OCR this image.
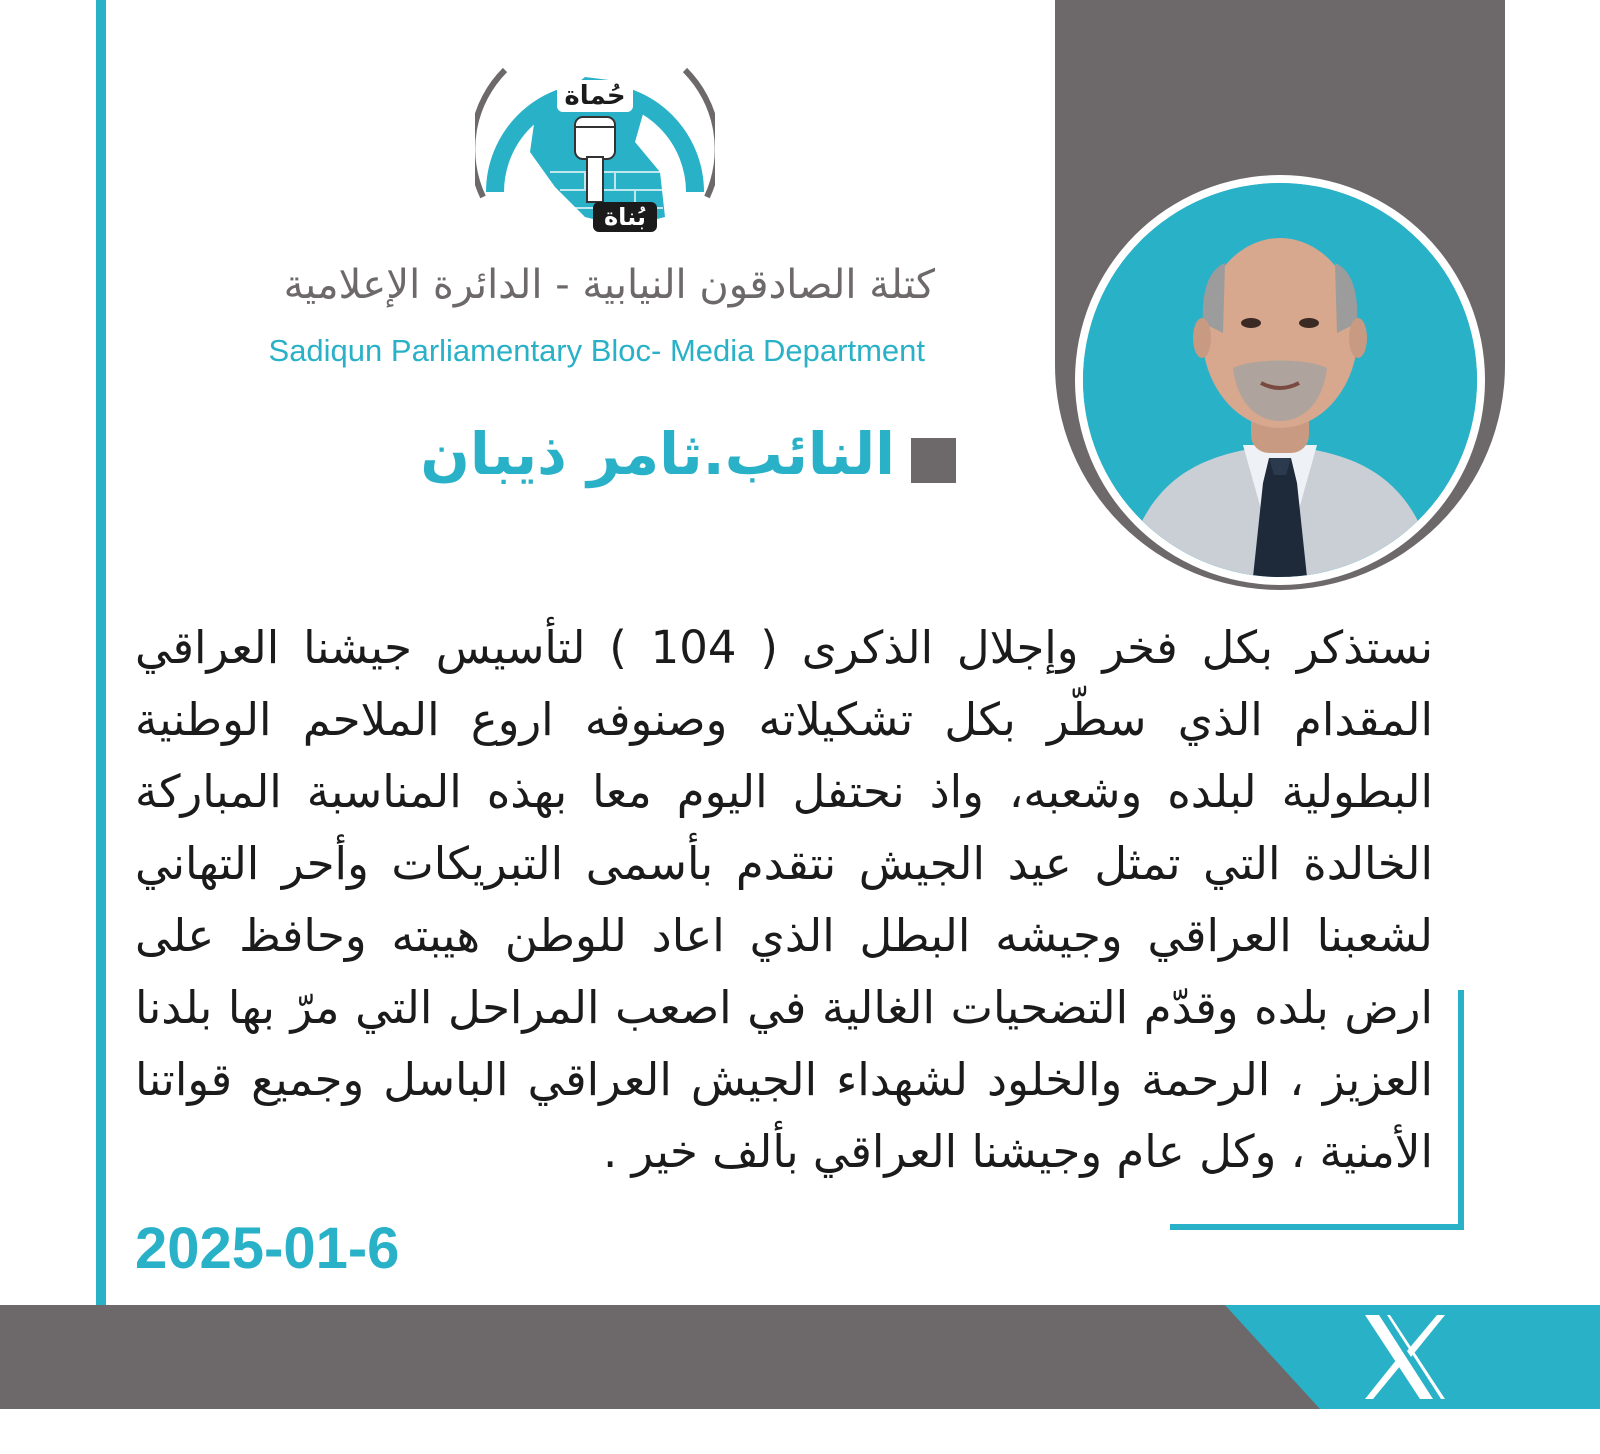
حُماة
بُناة
حركة الصادقون
كتلة الصادقون النيابية - الدائرة الإعلامية
Sadiqun Parliamentary Bloc- Media Department
النائب.ثامر ذيبان
نستذكر بكل فخر وإجلال الذكرى ( 104 ) لتأسيس جيشنا العراقي المقدام الذي سطّر بكل تشكيلاته وصنوفه اروع الملاحم الوطنية البطولية لبلده وشعبه، واذ نحتفل اليوم معا بهذه المناسبة المباركة الخالدة التي تمثل عيد الجيش نتقدم بأسمى التبريكات وأحر التهاني لشعبنا العراقي وجيشه البطل الذي اعاد للوطن هيبته وحافظ على ارض بلده وقدّم التضحيات الغالية في اصعب المراحل التي مرّ بها بلدنا العزيز ، الرحمة والخلود لشهداء الجيش العراقي الباسل وجميع قواتنا الأمنية ، وكل عام وجيشنا العراقي بألف خير .
2025-01-6
